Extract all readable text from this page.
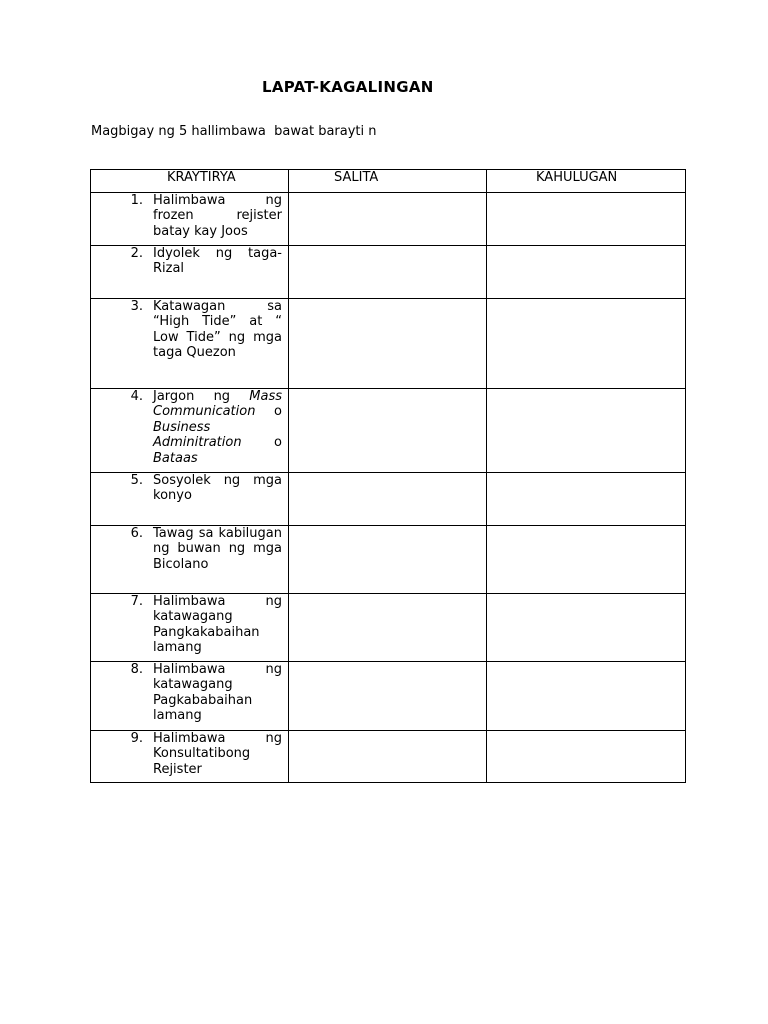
LAPAT-KAGALINGAN

Magbigay ng 5 hallimbawa  bawat barayti n

KRAYTIRYA	SALITA	KAHULUGAN

1. Halimbawa ng frozen rejister batay kay Joos		

2. Idyolek ng taga-Rizal		

3. Katawagan sa “High Tide” at “ Low Tide” ng mga taga Quezon		

4. Jargon ng Mass Communication o Business Adminitration o Bataas		

5. Sosyolek ng mga konyo		

6. Tawag sa kabilugan ng buwan ng mga Bicolano		

7. Halimbawa ng katawagang Pangkakabaihan lamang		

8. Halimbawa ng katawagang Pagkababaihan lamang		

9. Halimbawa ng Konsultatibong Rejister		
